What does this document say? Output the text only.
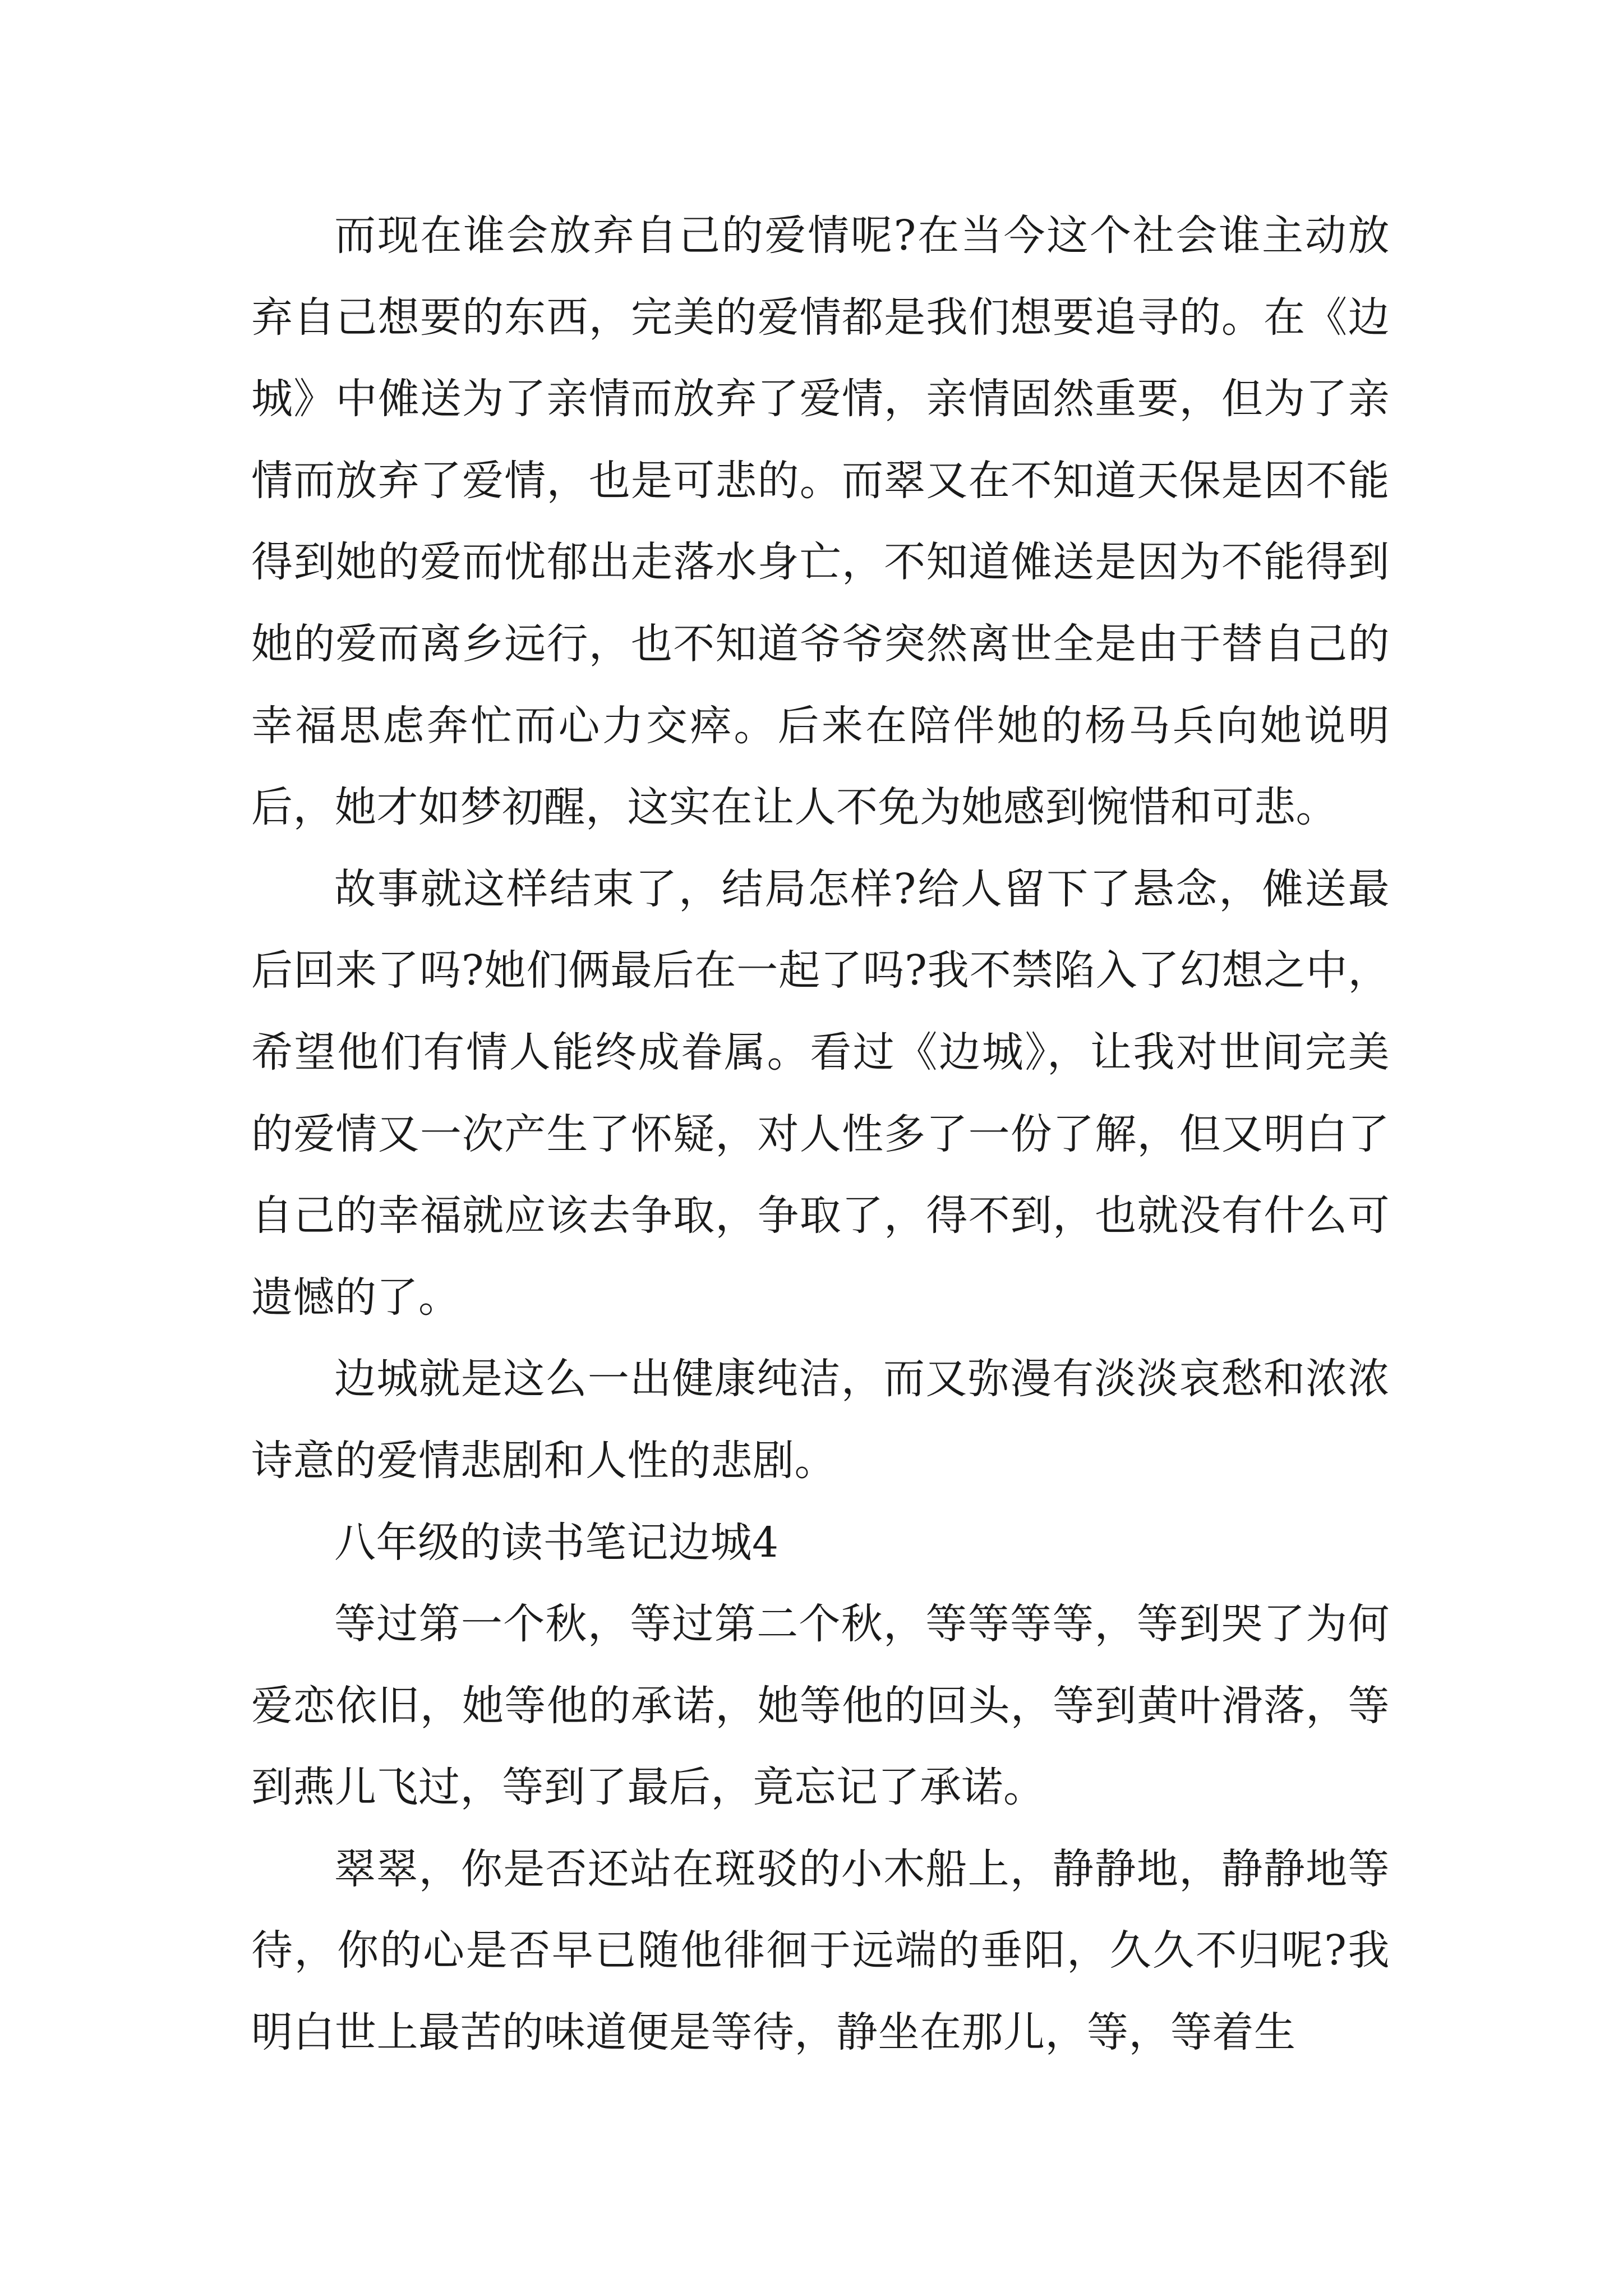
而现在谁会放弃自己的爱情呢?在当今这个社会谁主动放弃自己想要的东西，完美的爱情都是我们想要追寻的。在《边城》中傩送为了亲情而放弃了爱情，亲情固然重要，但为了亲情而放弃了爱情，也是可悲的。而翠又在不知道天保是因不能得到她的爱而忧郁出走落水身亡，不知道傩送是因为不能得到她的爱而离乡远行，也不知道爷爷突然离世全是由于替自己的幸福思虑奔忙而心力交瘁。后来在陪伴她的杨马兵向她说明后，她才如梦初醒，这实在让人不免为她感到惋惜和可悲。

故事就这样结束了，结局怎样?给人留下了悬念，傩送最后回来了吗?她们俩最后在一起了吗?我不禁陷入了幻想之中，希望他们有情人能终成眷属。看过《边城》，让我对世间完美的爱情又一次产生了怀疑，对人性多了一份了解，但又明白了自己的幸福就应该去争取，争取了，得不到，也就没有什么可遗憾的了。

边城就是这么一出健康纯洁，而又弥漫有淡淡哀愁和浓浓诗意的爱情悲剧和人性的悲剧。

八年级的读书笔记边城4

等过第一个秋，等过第二个秋，等等等等，等到哭了为何爱恋依旧，她等他的承诺，她等他的回头，等到黄叶滑落，等到燕儿飞过，等到了最后，竟忘记了承诺。

翠翠，你是否还站在斑驳的小木船上，静静地，静静地等待，你的心是否早已随他徘徊于远端的垂阳，久久不归呢?我明白世上最苦的味道便是等待，静坐在那儿，等，等着生
